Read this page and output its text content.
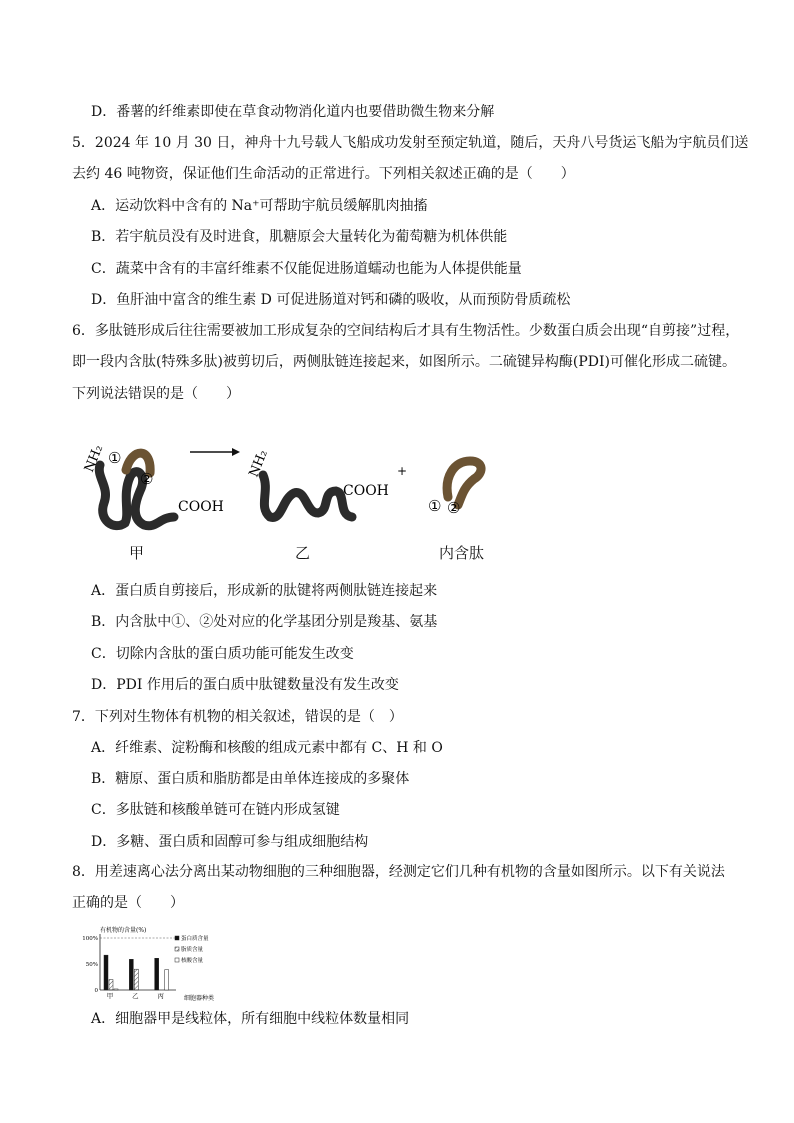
D．番薯的纤维素即使在草食动物消化道内也要借助微生物来分解
5．2024 年 10 月 30 日，神舟十九号载人飞船成功发射至预定轨道，随后，天舟八号货运飞船为宇航员们送
去约 46 吨物资，保证他们生命活动的正常进行。下列相关叙述正确的是（　　）
A．运动饮料中含有的 Na⁺可帮助宇航员缓解肌肉抽搐
B．若宇航员没有及时进食，肌糖原会大量转化为葡萄糖为机体供能
C．蔬菜中含有的丰富纤维素不仅能促进肠道蠕动也能为人体提供能量
D．鱼肝油中富含的维生素 D 可促进肠道对钙和磷的吸收，从而预防骨质疏松
6．多肽链形成后往往需要被加工形成复杂的空间结构后才具有生物活性。少数蛋白质会出现“自剪接”过程，
即一段内含肽(特殊多肽)被剪切后，两侧肽链连接起来，如图所示。二硫键异构酶(PDI)可催化形成二硫键。
下列说法错误的是（　　）
NH₂ ①
②
COOH
NH₂
COOH
+
① ②
甲	乙	内含肽
A．蛋白质自剪接后，形成新的肽键将两侧肽链连接起来
B．内含肽中①、②处对应的化学基团分别是羧基、氨基
C．切除内含肽的蛋白质功能可能发生改变
D．PDI 作用后的蛋白质中肽键数量没有发生改变
7．下列对生物体有机物的相关叙述，错误的是（　）
A．纤维素、淀粉酶和核酸的组成元素中都有 C、H 和 O
B．糖原、蛋白质和脂肪都是由单体连接成的多聚体
C．多肽链和核酸单链可在链内形成氢键
D．多糖、蛋白质和固醇可参与组成细胞结构
8．用差速离心法分离出某动物细胞的三种细胞器，经测定它们几种有机物的含量如图所示。以下有关说法
正确的是（　　）
有机物的含量(%)
细胞器种类
100%
50%
0
甲	乙	丙
蛋白质含量
脂质含量
核酸含量
A．细胞器甲是线粒体，所有细胞中线粒体数量相同
